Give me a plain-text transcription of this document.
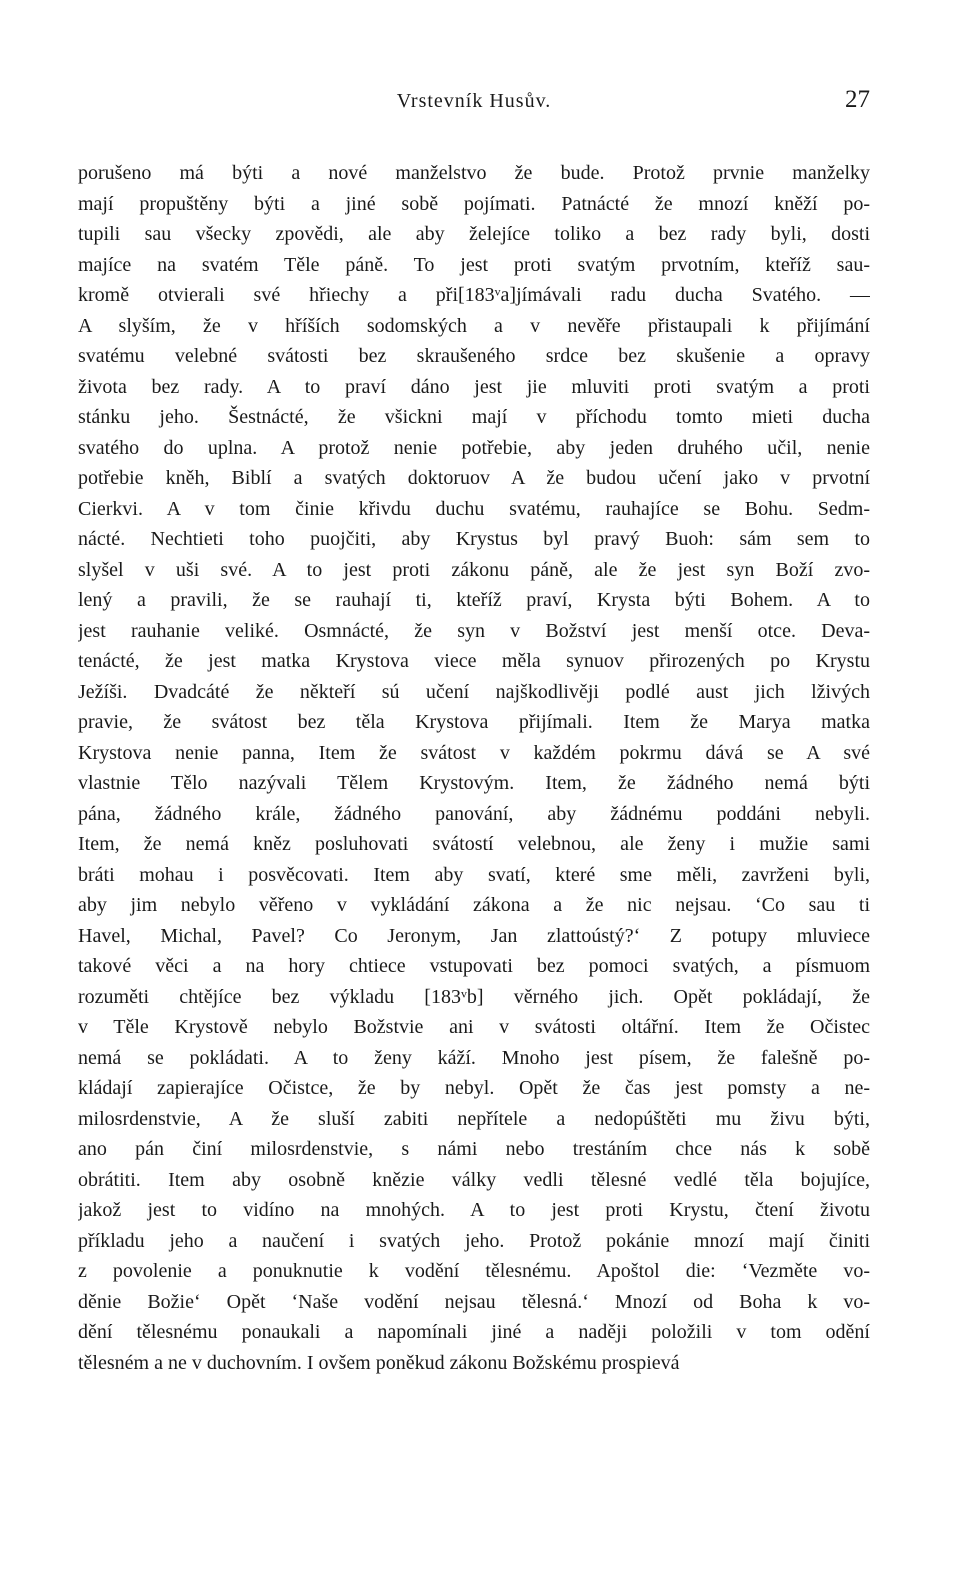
Vrstevník Husův.	27
porušeno má býti a nové manželstvo že bude. Protož prvnie manželky
mají propuštěny býti a jiné sobě pojímati. Patnácté že mnozí kněží po-
tupili sau všecky zpovědi, ale aby želejíce toliko a bez rady byli, dosti
majíce na svatém Těle páně. To jest proti svatým prvotním, kteříž sau-
kromě otvierali své hřiechy a při[183ᵛa]jímávali radu ducha Svatého. —
A slyším, že v hříších sodomských a v nevěře přistaupali k přijímání
svatému velebné svátosti bez skraušeného srdce bez skušenie a opravy
života bez rady. A to praví dáno jest jie mluviti proti svatým a proti
stánku jeho. Šestnácté, že všickni mají v příchodu tomto mieti ducha
svatého do uplna. A protož nenie potřebie, aby jeden druhého učil, nenie
potřebie kněh, Biblí a svatých doktoruov A že budou učení jako v prvotní
Cierkvi. A v tom činie křivdu duchu svatému, rauhajíce se Bohu. Sedm-
nácté. Nechtieti toho puojčiti, aby Krystus byl pravý Buoh: sám sem to
slyšel v uši své. A to jest proti zákonu páně, ale že jest syn Boží zvo-
lený a pravili, že se rauhají ti, kteříž praví, Krysta býti Bohem. A to
jest rauhanie veliké. Osmnácté, že syn v Božství jest menší otce. Deva-
tenácté, že jest matka Krystova viece měla synuov přirozených po Krystu
Ježíši. Dvadcáté že někteří sú učení najškodlivěji podlé aust jich lživých
pravie, že svátost bez těla Krystova přijímali. Item že Marya matka
Krystova nenie panna, Item že svátost v každém pokrmu dává se A své
vlastnie Tělo nazývali Tělem Krystovým. Item, že žádného nemá býti
pána, žádného krále, žádného panování, aby žádnému poddáni nebyli.
Item, že nemá kněz posluhovati svátostí velebnou, ale ženy i mužie sami
bráti mohau i posvěcovati. Item aby svatí, které sme měli, zavrženi byli,
aby jim nebylo věřeno v vykládání zákona a že nic nejsau. ‘Co sau ti
Havel, Michal, Pavel? Co Jeronym, Jan zlattoústý?‘ Z potupy mluviece
takové věci a na hory chtiece vstupovati bez pomoci svatých, a písmuom
rozuměti chtějíce bez výkladu [183ᵛb] věrného jich. Opět pokládají, že
v Těle Krystově nebylo Božstvie ani v svátosti oltářní. Item že Očistec
nemá se pokládati. A to ženy káží. Mnoho jest písem, že falešně po-
kládají zapierajíce Očistce, že by nebyl. Opět že čas jest pomsty a ne-
milosrdenstvie, A že sluší zabiti nepřítele a nedopúštěti mu živu býti,
ano pán činí milosrdenstvie, s námi nebo trestáním chce nás k sobě
obrátiti. Item aby osobně knězie války vedli tělesné vedlé těla bojujíce,
jakož jest to vidíno na mnohých. A to jest proti Krystu, čtení životu
příkladu jeho a naučení i svatých jeho. Protož pokánie mnozí mají činiti
z povolenie a ponuknutie k vodění tělesnému. Apoštol die: ‘Vezměte vo-
děnie Božie‘ Opět ‘Naše vodění nejsau tělesná.‘ Mnozí od Boha k vo-
dění tělesnému ponaukali a napomínali jiné a naději položili v tom odění
tělesném a ne v duchovním. I ovšem poněkud zákonu Božskému prospievá
